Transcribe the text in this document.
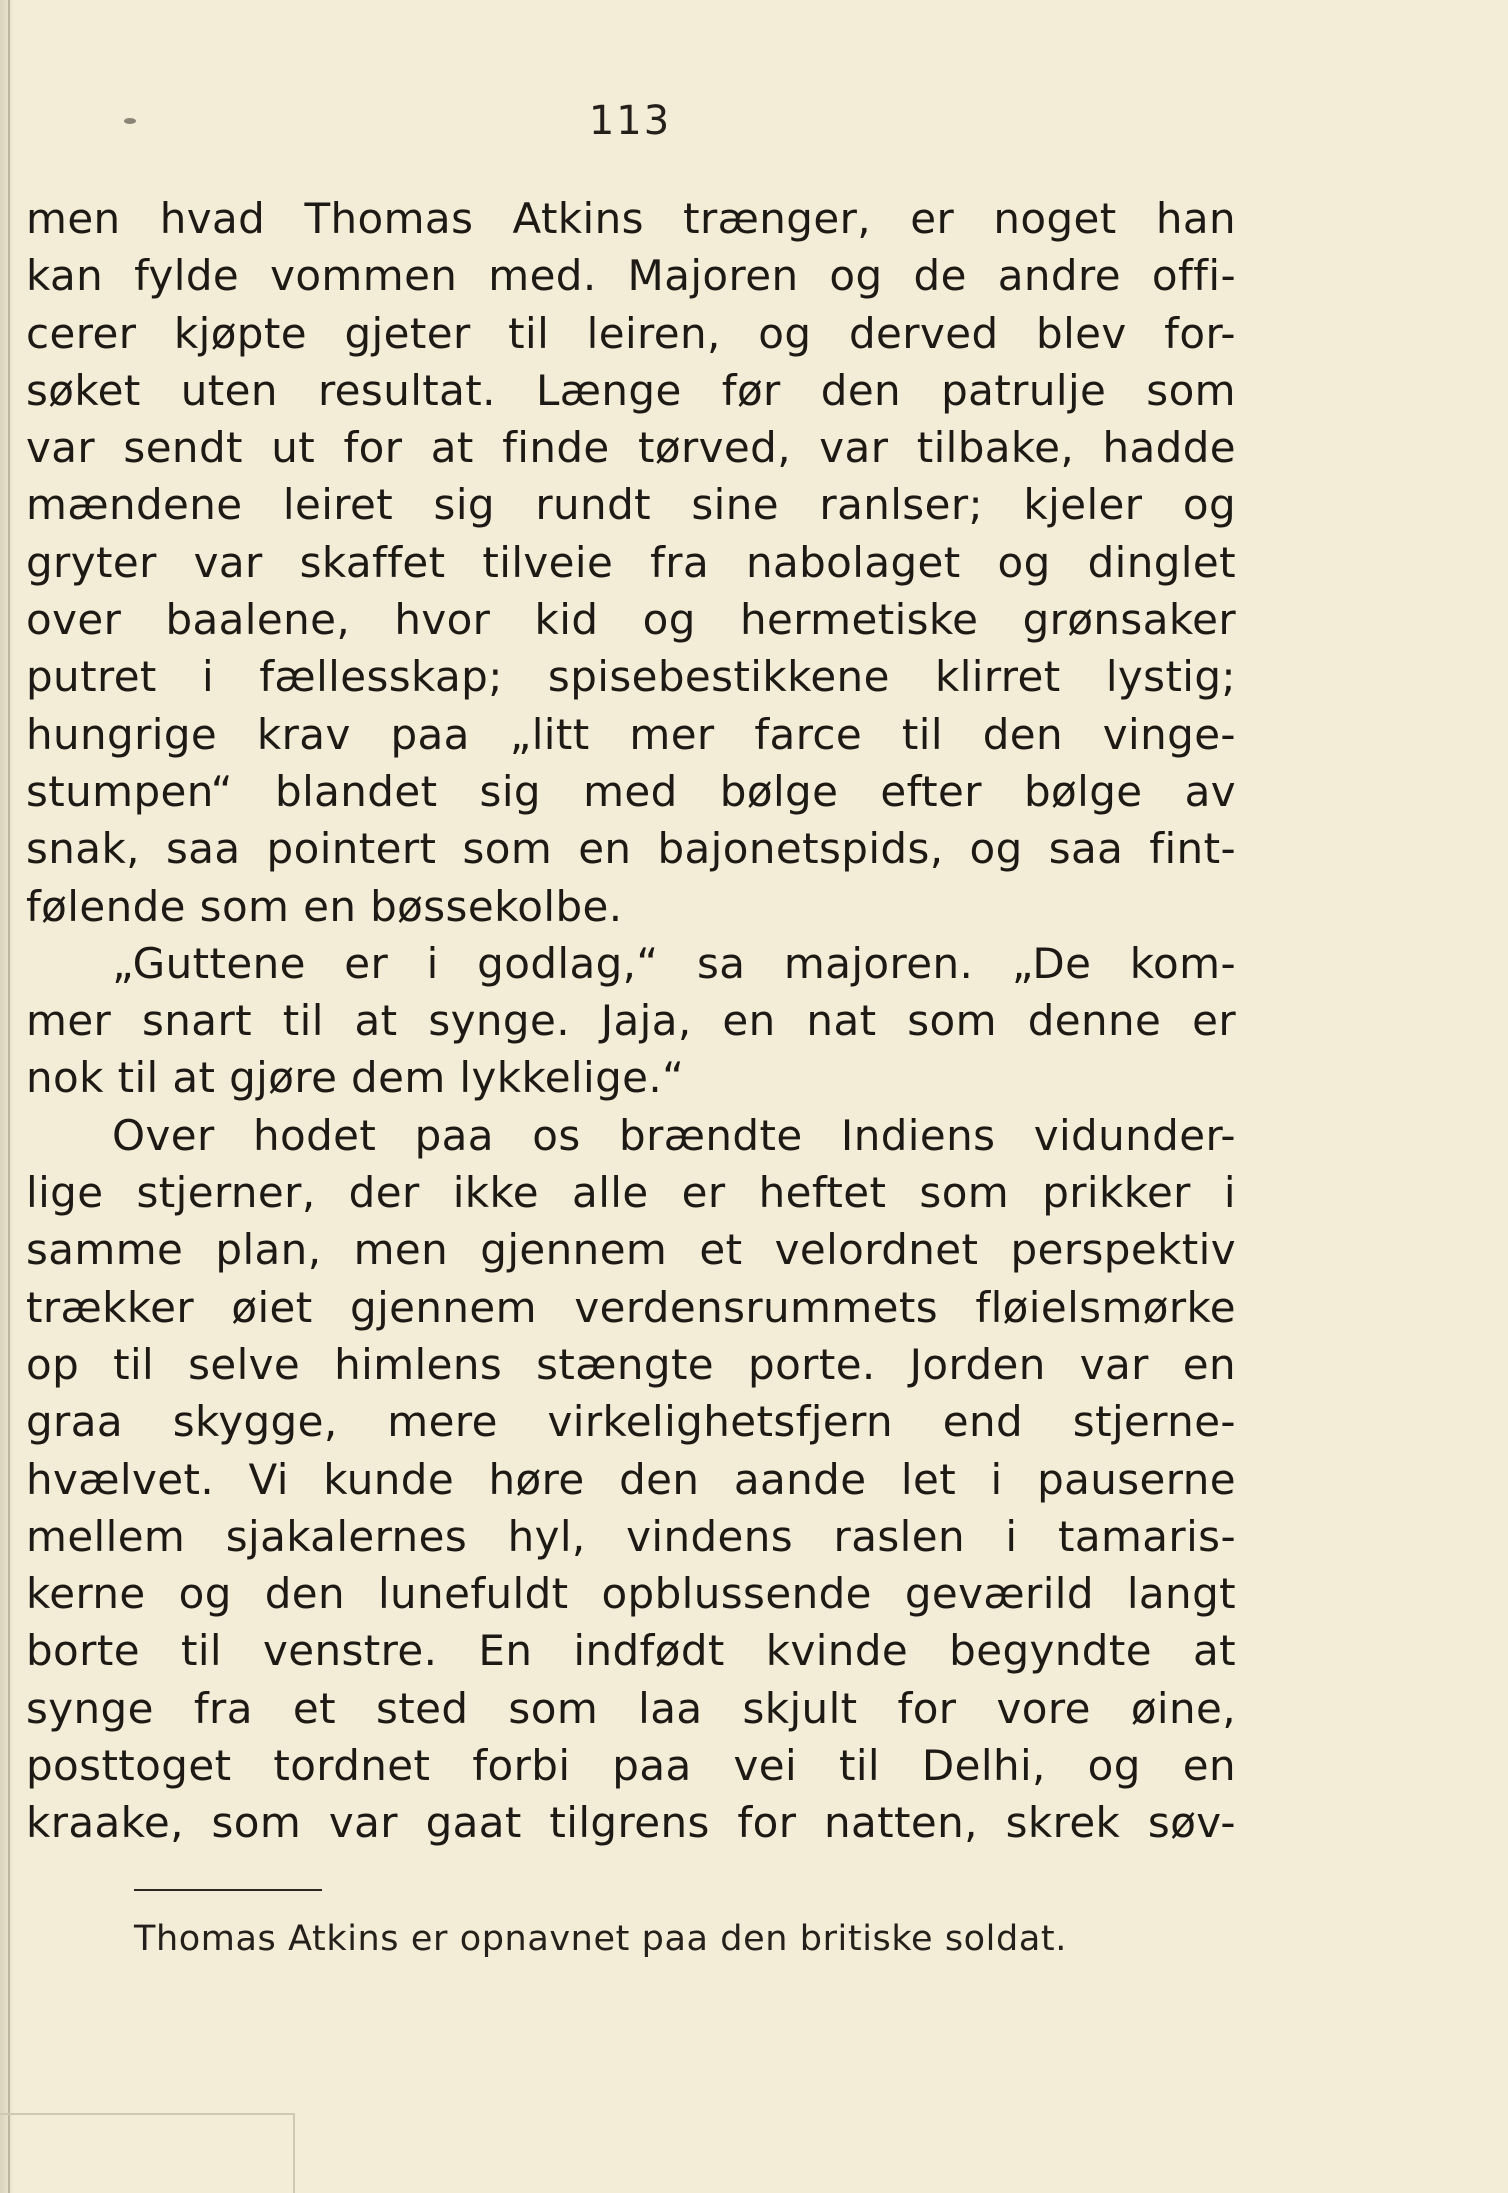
113
men hvad Thomas Atkins trænger, er noget han
kan fylde vommen med. Majoren og de andre offi-
cerer kjøpte gjeter til leiren, og derved blev for-
søket uten resultat. Længe før den patrulje som
var sendt ut for at finde tørved, var tilbake, hadde
mændene leiret sig rundt sine ranlser; kjeler og
gryter var skaffet tilveie fra nabolaget og dinglet
over baalene, hvor kid og hermetiske grønsaker
putret i fællesskap; spisebestikkene klirret lystig;
hungrige krav paa „litt mer farce til den vinge-
stumpen“ blandet sig med bølge efter bølge av
snak, saa pointert som en bajonetspids, og saa fint-
følende som en bøssekolbe.
„Guttene er i godlag,“ sa majoren. „De kom-
mer snart til at synge. Jaja, en nat som denne er
nok til at gjøre dem lykkelige.“
Over hodet paa os brændte Indiens vidunder-
lige stjerner, der ikke alle er heftet som prikker i
samme plan, men gjennem et velordnet perspektiv
trækker øiet gjennem verdensrummets fløielsmørke
op til selve himlens stængte porte. Jorden var en
graa skygge, mere virkelighetsfjern end stjerne-
hvælvet. Vi kunde høre den aande let i pauserne
mellem sjakalernes hyl, vindens raslen i tamaris-
kerne og den lunefuldt opblussende geværild langt
borte til venstre. En indfødt kvinde begyndte at
synge fra et sted som laa skjult for vore øine,
posttoget tordnet forbi paa vei til Delhi, og en
kraake, som var gaat tilgrens for natten, skrek søv-
Thomas Atkins er opnavnet paa den britiske soldat.
